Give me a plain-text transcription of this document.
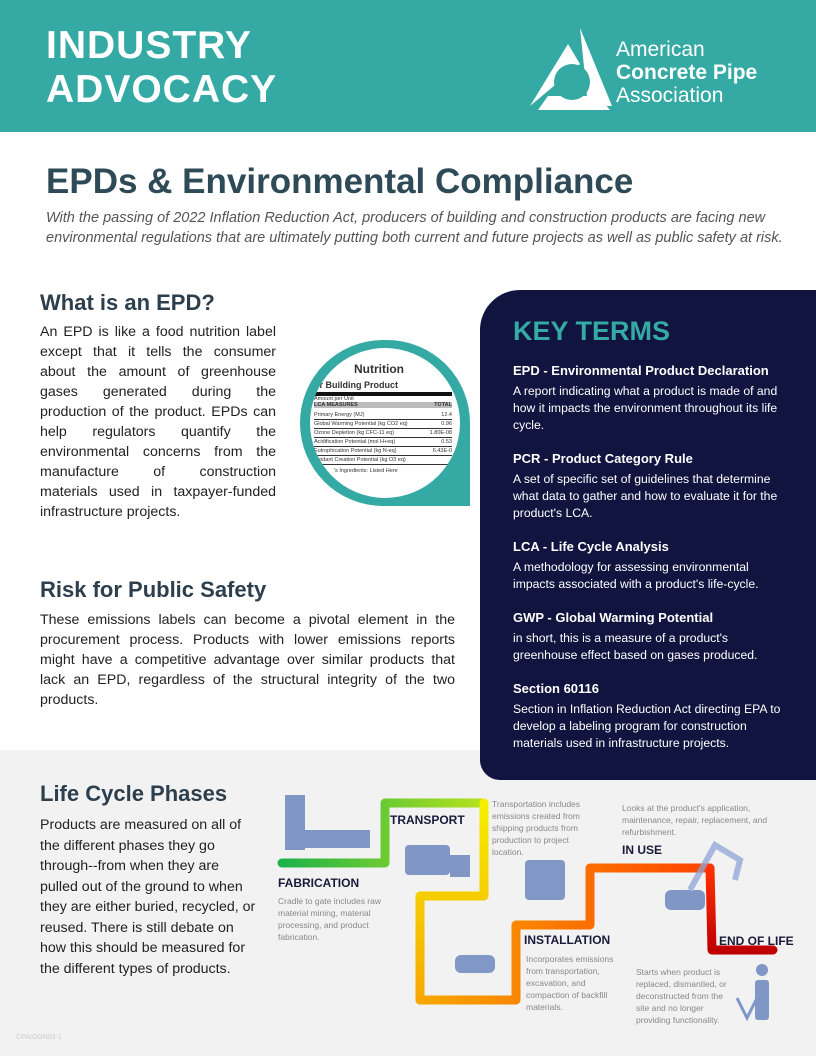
INDUSTRY
ADVOCACY
American
Concrete Pipe
Association
EPDs & Environmental Compliance
With the passing of 2022 Inflation Reduction Act, producers of building and construction products are facing new environmental regulations that are ultimately putting both current and future projects as well as public safety at risk.
What is an EPD?
An EPD is like a food nutrition label except that it tells the consumer about the amount of greenhouse gases generated during the production of the product. EPDs can help regulators quantify the environmental concerns from the manufacture of construction materials used in taxpayer-funded infrastructure projects.
Nutrition
ur Building Product
Amount per Unit
LCA MEASURES	TOTAL
Primary Energy (MJ)	12.4
Global Warming Potential (kg CO2 eq)	0.96
Ozone Depletion (kg CFC-11 eq)	1.80E-08
Acidification Potential (mol H+eq)	0.53
Eutrophication Potential (kg N-eq)	6.43E-0
Oxidant Creation Potential (kg O3 eq)
's Ingredients: Listed Here
Risk for Public Safety
These emissions labels can become a pivotal element in the procurement process. Products with lower emissions reports might have a competitive advantage over similar products that lack an EPD, regardless of the structural integrity of the two products.
KEY TERMS
EPD - Environmental Product Declaration

A report indicating what a product is made of and how it impacts the environment throughout its life cycle.

PCR - Product Category Rule

A set of specific set of guidelines that determine what data to gather and how to evaluate it for the product's LCA.

LCA - Life Cycle Analysis

A methodology for assessing environmental impacts associated with a product's life-cycle.

GWP - Global Warming Potential

in short, this is a measure of a product's greenhouse effect based on gases produced.

Section 60116

Section in Inflation Reduction Act directing EPA to develop a labeling program for construction materials used in infrastructure projects.

Life Cycle Phases
Products are measured on all of the different phases they go through--from when they are pulled out of the ground to when they are either buried, recycled, or reused. There is still debate on how this should be measured for the different types of products.
FABRICATION
Cradle to gate includes raw material mining, material processing, and product fabrication.
TRANSPORT
Transportation includes emissions created from shipping products from production to project location.
INSTALLATION
Incorporates emissions from transportation, excavation, and compaction of backfill materials.
IN USE
Looks at the product's application, maintenance, repair, replacement, and refurbishment.
END OF LIFE
Starts when product is replaced, dismantled, or deconstructed from the site and no longer providing functionality.
CPAIOGN03-1
